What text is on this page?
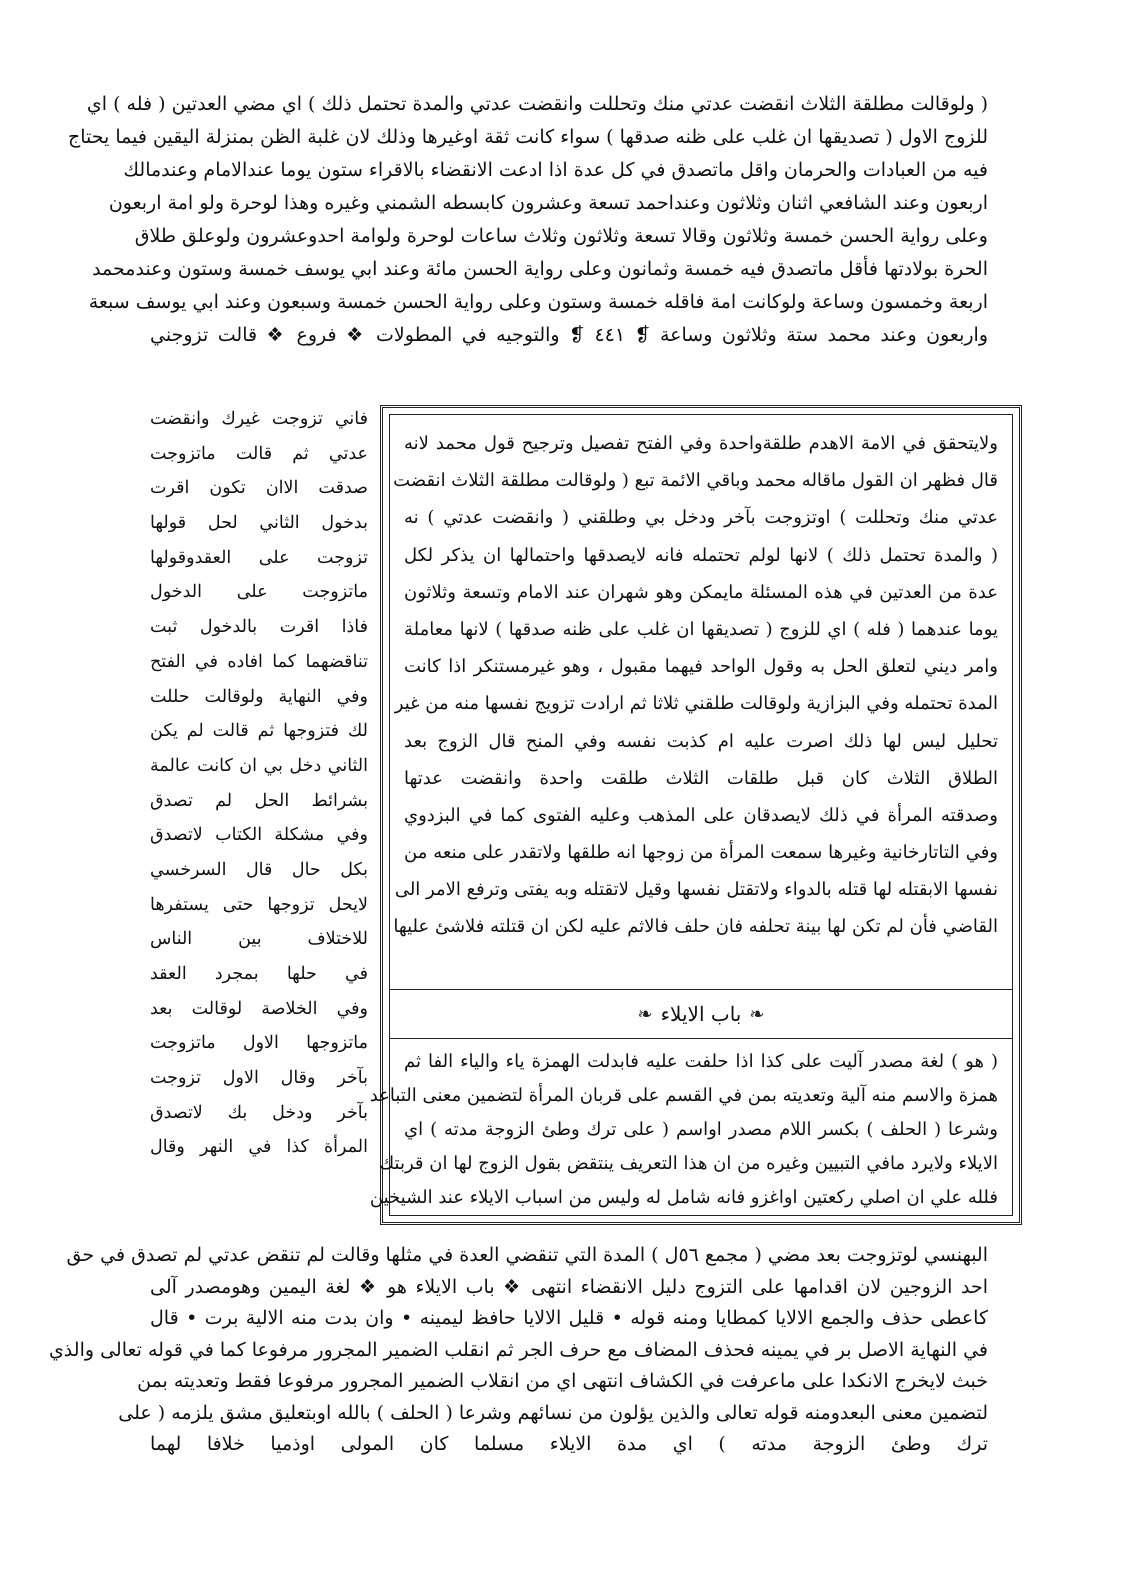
( ولوقالت مطلقة الثلاث انقضت عدتي منك وتحللت وانقضت عدتي والمدة تحتمل ذلك ) اي مضي العدتين ( فله ) اي
للزوج الاول ( تصديقها ان غلب على ظنه صدقها ) سواء كانت ثقة اوغيرها وذلك لان غلبة الظن بمنزلة اليقين فيما يحتاج
فيه من العبادات والحرمان واقل ماتصدق في كل عدة اذا ادعت الانقضاء بالاقراء ستون يوما عندالامام وعندمالك
اربعون وعند الشافعي اثنان وثلاثون وعنداحمد تسعة وعشرون كابسطه الشمني وغيره وهذا لوحرة ولو امة اربعون
وعلى رواية الحسن خمسة وثلاثون وقالا تسعة وثلاثون وثلاث ساعات لوحرة ولوامة احدوعشرون ولوعلق طلاق
الحرة بولادتها فأقل ماتصدق فيه خمسة وثمانون وعلى رواية الحسن مائة وعند ابي يوسف خمسة وستون وعندمحمد
اربعة وخمسون وساعة ولوكانت امة فاقله خمسة وستون وعلى رواية الحسن خمسة وسبعون وعند ابي يوسف سبعة
واربعون وعند محمد ستة وثلاثون وساعة ❡ ٤٤١ ❡ والتوجيه في المطولات ❖ فروع ❖ قالت تزوجني
فاني تزوجت غيرك وانقضت
عدتي ثم قالت ماتزوجت
صدقت الاان تكون اقرت
بدخول الثاني لحل قولها
تزوجت على العقدوقولها
ماتزوجت على الدخول
فاذا اقرت بالدخول ثبت
تناقضهما كما افاده في الفتح
وفي النهاية ولوقالت حللت
لك فتزوجها ثم قالت لم يكن
الثاني دخل بي ان كانت عالمة
بشرائط الحل لم تصدق
وفي مشكلة الكتاب لاتصدق
بكل حال قال السرخسي
لايحل تزوجها حتى يستفرها
للاختلاف بين الناس
في حلها بمجرد العقد
وفي الخلاصة لوقالت بعد
ماتزوجها الاول ماتزوجت
بآخر وقال الاول تزوجت
بآخر ودخل بك لاتصدق
المرأة كذا في النهر وقال
ولايتحقق في الامة الاهدم طلقةواحدة وفي الفتح تفصيل وترجيح قول محمد لانه
قال فظهر ان القول ماقاله محمد وباقي الائمة تبع ( ولوقالت مطلقة الثلاث انقضت
عدتي منك وتحللت ) اوتزوجت بآخر ودخل بي وطلقني ( وانقضت عدتي ) نه
( والمدة تحتمل ذلك ) لانها لولم تحتمله فانه لايصدقها واحتمالها ان يذكر لكل
عدة من العدتين في هذه المسئلة مايمكن وهو شهران عند الامام وتسعة وثلاثون
يوما عندهما ( فله ) اي للزوج ( تصديقها ان غلب على ظنه صدقها ) لانها معاملة
وامر ديني لتعلق الحل به وقول الواحد فيهما مقبول ، وهو غيرمستنكر اذا كانت
المدة تحتمله وفي البزازية ولوقالت طلقني ثلاثا ثم ارادت تزويج نفسها منه من غير
تحليل ليس لها ذلك اصرت عليه ام كذبت نفسه وفي المنح قال الزوج بعد
الطلاق الثلاث كان قبل طلقات الثلاث طلقت واحدة وانقضت عدتها
وصدقته المرأة في ذلك لايصدقان على المذهب وعليه الفتوى كما في البزدوي
وفي التاتارخانية وغيرها سمعت المرأة من زوجها انه طلقها ولاتقدر على منعه من
نفسها الابقتله لها قتله بالدواء ولاتقتل نفسها وقيل لاتقتله وبه يفتى وترفع الامر الى
القاضي فأن لم تكن لها بينة تحلفه فان حلف فالاثم عليه لكن ان قتلته فلاشئ عليها
❧
باب الايلاء
❧
( هو ) لغة مصدر آليت على كذا اذا حلفت عليه فابدلت الهمزة ياء والياء الفا ثم
همزة والاسم منه آلية وتعديته بمن في القسم على قربان المرأة لتضمين معنى التباعد
وشرعا ( الحلف ) بكسر اللام مصدر اواسم ( على ترك وطئ الزوجة مدته ) اي
الايلاء ولايرد مافي التبيين وغيره من ان هذا التعريف ينتقض بقول الزوج لها ان قربتك
فلله علي ان اصلي ركعتين اواغزو فانه شامل له وليس من اسباب الايلاء عند الشيخين
البهنسي لوتزوجت بعد مضي ( مجمع ٥٦ل ) المدة التي تنقضي العدة في مثلها وقالت لم تنقض عدتي لم تصدق في حق
احد الزوجين لان اقدامها على التزوج دليل الانقضاء انتهى ❖ باب الايلاء هو ❖ لغة اليمين وهومصدر آلى
كاعطى حذف والجمع الالايا كمطايا ومنه قوله • قليل الالايا حافظ ليمينه • وان بدت منه الالية برت • قال
في النهاية الاصل بر في يمينه فحذف المضاف مع حرف الجر ثم انقلب الضمير المجرور مرفوعا كما في قوله تعالى والذي
خبث لايخرج الانكدا على ماعرفت في الكشاف انتهى اي من انقلاب الضمير المجرور مرفوعا فقط وتعديته بمن
لتضمين معنى البعدومنه قوله تعالى والذين يؤلون من نسائهم وشرعا ( الحلف ) بالله اوبتعليق مشق يلزمه ( على
ترك وطئ الزوجة مدته ) اي مدة الايلاء مسلما كان المولى اوذميا خلافا لهما
